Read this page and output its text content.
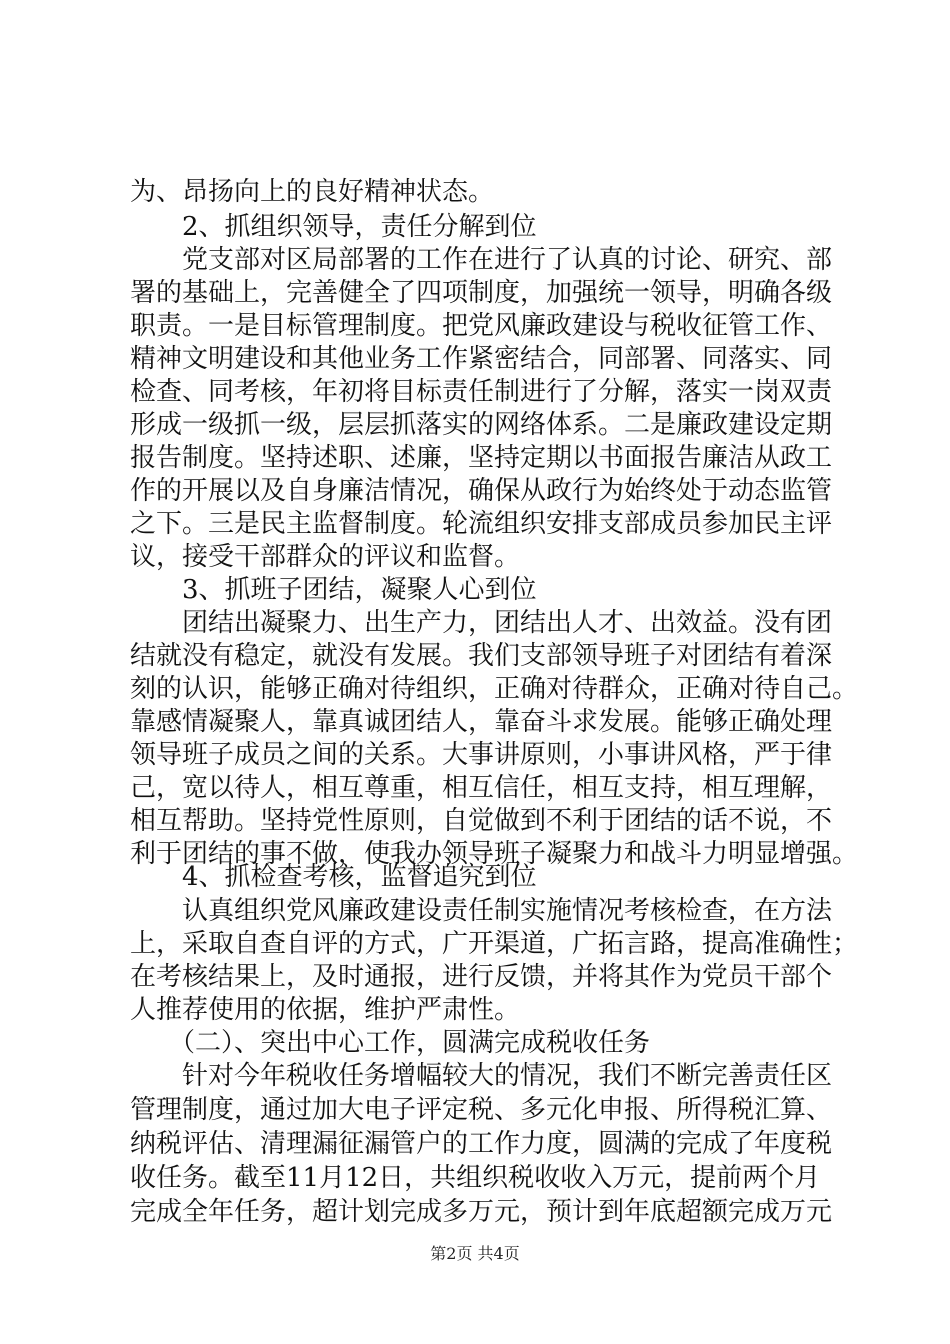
为、昂扬向上的良好精神状态。
　　2、抓组织领导，责任分解到位
　　党支部对区局部署的工作在进行了认真的讨论、研究、部
署的基础上，完善健全了四项制度，加强统一领导，明确各级
职责。一是目标管理制度。把党风廉政建设与税收征管工作、
精神文明建设和其他业务工作紧密结合，同部署、同落实、同
检查、同考核，年初将目标责任制进行了分解，落实一岗双责
形成一级抓一级，层层抓落实的网络体系。二是廉政建设定期
报告制度。坚持述职、述廉，坚持定期以书面报告廉洁从政工
作的开展以及自身廉洁情况，确保从政行为始终处于动态监管
之下。三是民主监督制度。轮流组织安排支部成员参加民主评
议，接受干部群众的评议和监督。
　　3、抓班子团结，凝聚人心到位
　　团结出凝聚力、出生产力，团结出人才、出效益。没有团
结就没有稳定，就没有发展。我们支部领导班子对团结有着深
刻的认识，能够正确对待组织，正确对待群众，正确对待自己。
靠感情凝聚人，靠真诚团结人，靠奋斗求发展。能够正确处理
领导班子成员之间的关系。大事讲原则，小事讲风格，严于律
己，宽以待人，相互尊重，相互信任，相互支持，相互理解，
相互帮助。坚持党性原则，自觉做到不利于团结的话不说，不
利于团结的事不做，使我办领导班子凝聚力和战斗力明显增强。
　　4、抓检查考核，监督追究到位
　　认真组织党风廉政建设责任制实施情况考核检查，在方法
上，采取自查自评的方式，广开渠道，广拓言路，提高准确性；
在考核结果上，及时通报，进行反馈，并将其作为党员干部个
人推荐使用的依据，维护严肃性。
　　（二）、突出中心工作，圆满完成税收任务
　　针对今年税收任务增幅较大的情况，我们不断完善责任区
管理制度，通过加大电子评定税、多元化申报、所得税汇算、
纳税评估、清理漏征漏管户的工作力度，圆满的完成了年度税
收任务。截至11月12日，共组织税收收入万元，提前两个月
完成全年任务，超计划完成多万元，预计到年底超额完成万元
第2页 共4页
